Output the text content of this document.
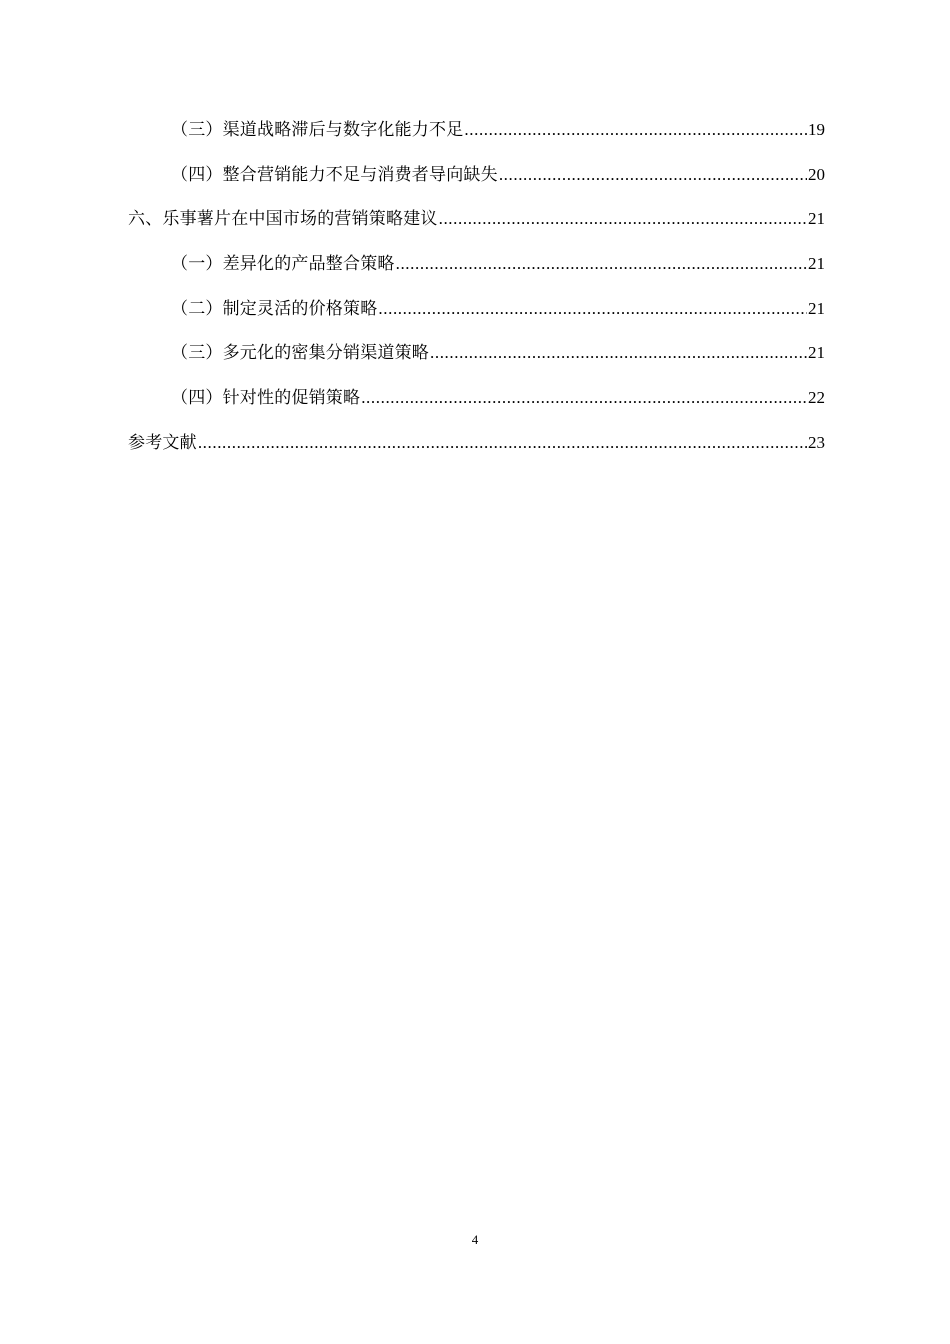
（三）渠道战略滞后与数字化能力不足 .....	19
（四）整合营销能力不足与消费者导向缺失 .....	20
六、乐事薯片在中国市场的营销策略建议 .....	21
（一）差异化的产品整合策略 .....	21
（二）制定灵活的价格策略 .....	21
（三）多元化的密集分销渠道策略 .....	21
（四）针对性的促销策略 .....	22
参考文献 .....	23
4
